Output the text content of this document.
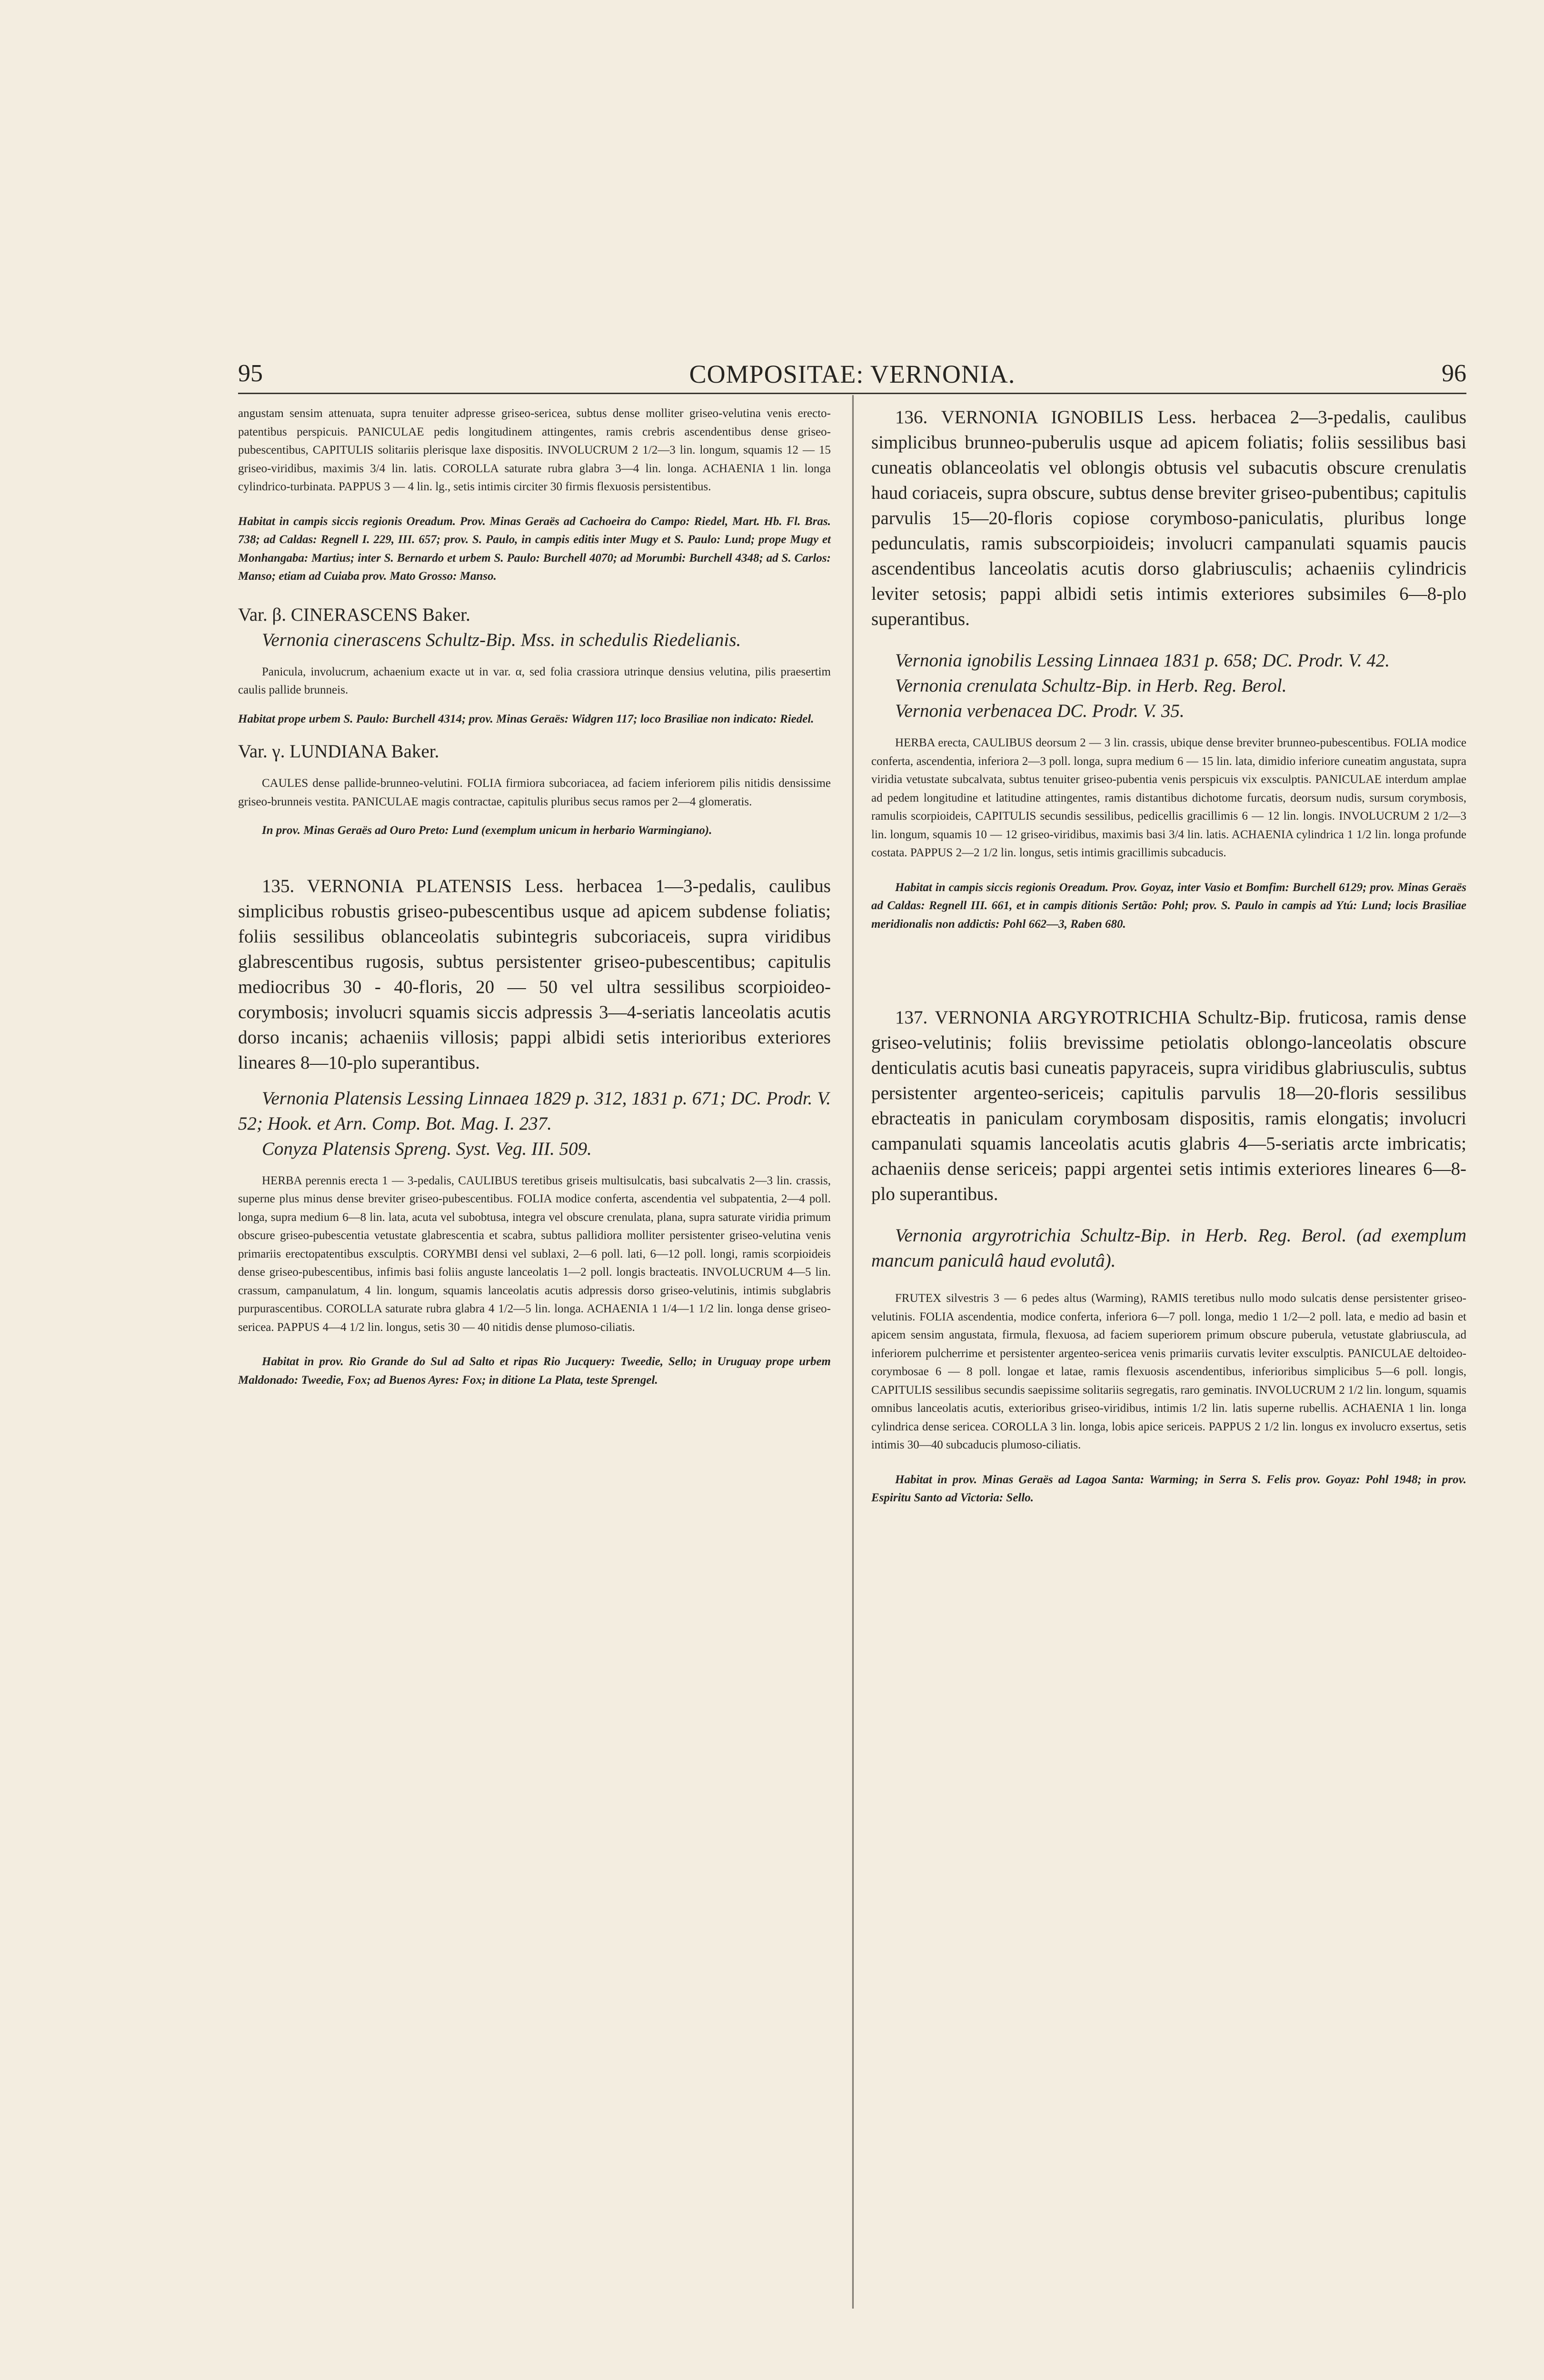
95	COMPOSITAE: VERNONIA.	96

angustam sensim attenuata, supra tenuiter adpresse griseo-sericea, subtus dense molliter griseo-velutina venis erecto-patentibus perspicuis. PANICULAE pedis longitudinem attingentes, ramis crebris ascendentibus dense griseo-pubescentibus, CAPITULIS solitariis plerisque laxe dispositis. INVOLUCRUM 2 1/2—3 lin. longum, squamis 12 — 15 griseo-viridibus, maximis 3/4 lin. latis. COROLLA saturate rubra glabra 3—4 lin. longa. ACHAENIA 1 lin. longa cylindrico-turbinata. PAPPUS 3 — 4 lin. lg., setis intimis circiter 30 firmis flexuosis persistentibus.

Habitat in campis siccis regionis Oreadum. Prov. Minas Geraës ad Cachoeira do Campo: Riedel, Mart. Hb. Fl. Bras. 738; ad Caldas: Regnell I. 229, III. 657; prov. S. Paulo, in campis editis inter Mugy et S. Paulo: Lund; prope Mugy et Monhangaba: Martius; inter S. Bernardo et urbem S. Paulo: Burchell 4070; ad Morumbi: Burchell 4348; ad S. Carlos: Manso; etiam ad Cuiaba prov. Mato Grosso: Manso.

Var. β. CINERASCENS Baker.

Vernonia cinerascens Schultz-Bip. Mss. in schedulis Riedelianis.

Panicula, involucrum, achaenium exacte ut in var. α, sed folia crassiora utrinque densius velutina, pilis praesertim caulis pallide brunneis.

Habitat prope urbem S. Paulo: Burchell 4314; prov. Minas Geraës: Widgren 117; loco Brasiliae non indicato: Riedel.

Var. γ. LUNDIANA Baker.

CAULES dense pallide-brunneo-velutini. FOLIA firmiora subcoriacea, ad faciem inferiorem pilis nitidis densissime griseo-brunneis vestita. PANICULAE magis contractae, capitulis pluribus secus ramos per 2—4 glomeratis.

In prov. Minas Geraës ad Ouro Preto: Lund (exemplum unicum in herbario Warmingiano).

135. VERNONIA PLATENSIS Less. herbacea 1—3-pedalis, caulibus simplicibus robustis griseo-pubescentibus usque ad apicem subdense foliatis; foliis sessilibus oblanceolatis subintegris subcoriaceis, supra viridibus glabrescentibus rugosis, subtus persistenter griseo-pubescentibus; capitulis mediocribus 30 - 40-floris, 20 — 50 vel ultra sessilibus scorpioideo-corymbosis; involucri squamis siccis adpressis 3—4-seriatis lanceolatis acutis dorso incanis; achaeniis villosis; pappi albidi setis interioribus exteriores lineares 8—10-plo superantibus.

Vernonia Platensis Lessing Linnaea 1829 p. 312, 1831 p. 671; DC. Prodr. V. 52; Hook. et Arn. Comp. Bot. Mag. I. 237.

Conyza Platensis Spreng. Syst. Veg. III. 509.

HERBA perennis erecta 1 — 3-pedalis, CAULIBUS teretibus griseis multisulcatis, basi subcalvatis 2—3 lin. crassis, superne plus minus dense breviter griseo-pubescentibus. FOLIA modice conferta, ascendentia vel subpatentia, 2—4 poll. longa, supra medium 6—8 lin. lata, acuta vel subobtusa, integra vel obscure crenulata, plana, supra saturate viridia primum obscure griseo-pubescentia vetustate glabrescentia et scabra, subtus pallidiora molliter persistenter griseo-velutina venis primariis erectopatentibus exsculptis. CORYMBI densi vel sublaxi, 2—6 poll. lati, 6—12 poll. longi, ramis scorpioideis dense griseo-pubescentibus, infimis basi foliis anguste lanceolatis 1—2 poll. longis bracteatis. INVOLUCRUM 4—5 lin. crassum, campanulatum, 4 lin. longum, squamis lanceolatis acutis adpressis dorso griseo-velutinis, intimis subglabris purpurascentibus. COROLLA saturate rubra glabra 4 1/2—5 lin. longa. ACHAENIA 1 1/4—1 1/2 lin. longa dense griseo-sericea. PAPPUS 4—4 1/2 lin. longus, setis 30 — 40 nitidis dense plumoso-ciliatis.

Habitat in prov. Rio Grande do Sul ad Salto et ripas Rio Jucquery: Tweedie, Sello; in Uruguay prope urbem Maldonado: Tweedie, Fox; ad Buenos Ayres: Fox; in ditione La Plata, teste Sprengel.

136. VERNONIA IGNOBILIS Less. herbacea 2—3-pedalis, caulibus simplicibus brunneo-puberulis usque ad apicem foliatis; foliis sessilibus basi cuneatis oblanceolatis vel oblongis obtusis vel subacutis obscure crenulatis haud coriaceis, supra obscure, subtus dense breviter griseo-pubentibus; capitulis parvulis 15—20-floris copiose corymboso-paniculatis, pluribus longe pedunculatis, ramis subscorpioideis; involucri campanulati squamis paucis ascendentibus lanceolatis acutis dorso glabriusculis; achaeniis cylindricis leviter setosis; pappi albidi setis intimis exteriores subsimiles 6—8-plo superantibus.

Vernonia ignobilis Lessing Linnaea 1831 p. 658; DC. Prodr. V. 42.

Vernonia crenulata Schultz-Bip. in Herb. Reg. Berol.

Vernonia verbenacea DC. Prodr. V. 35.

HERBA erecta, CAULIBUS deorsum 2 — 3 lin. crassis, ubique dense breviter brunneo-pubescentibus. FOLIA modice conferta, ascendentia, inferiora 2—3 poll. longa, supra medium 6 — 15 lin. lata, dimidio inferiore cuneatim angustata, supra viridia vetustate subcalvata, subtus tenuiter griseo-pubentia venis perspicuis vix exsculptis. PANICULAE interdum amplae ad pedem longitudine et latitudine attingentes, ramis distantibus dichotome furcatis, deorsum nudis, sursum corymbosis, ramulis scorpioideis, CAPITULIS secundis sessilibus, pedicellis gracillimis 6 — 12 lin. longis. INVOLUCRUM 2 1/2—3 lin. longum, squamis 10 — 12 griseo-viridibus, maximis basi 3/4 lin. latis. ACHAENIA cylindrica 1 1/2 lin. longa profunde costata. PAPPUS 2—2 1/2 lin. longus, setis intimis gracillimis subcaducis.

Habitat in campis siccis regionis Oreadum. Prov. Goyaz, inter Vasio et Bomfim: Burchell 6129; prov. Minas Geraës ad Caldas: Regnell III. 661, et in campis ditionis Sertão: Pohl; prov. S. Paulo in campis ad Ytú: Lund; locis Brasiliae meridionalis non addictis: Pohl 662—3, Raben 680.

137. VERNONIA ARGYROTRICHIA Schultz-Bip. fruticosa, ramis dense griseo-velutinis; foliis brevissime petiolatis oblongo-lanceolatis obscure denticulatis acutis basi cuneatis papyraceis, supra viridibus glabriusculis, subtus persistenter argenteo-sericeis; capitulis parvulis 18—20-floris sessilibus ebracteatis in paniculam corymbosam dispositis, ramis elongatis; involucri campanulati squamis lanceolatis acutis glabris 4—5-seriatis arcte imbricatis; achaeniis dense sericeis; pappi argentei setis intimis exteriores lineares 6—8-plo superantibus.

Vernonia argyrotrichia Schultz-Bip. in Herb. Reg. Berol. (ad exemplum mancum paniculâ haud evolutâ).

FRUTEX silvestris 3 — 6 pedes altus (Warming), RAMIS teretibus nullo modo sulcatis dense persistenter griseo-velutinis. FOLIA ascendentia, modice conferta, inferiora 6—7 poll. longa, medio 1 1/2—2 poll. lata, e medio ad basin et apicem sensim angustata, firmula, flexuosa, ad faciem superiorem primum obscure puberula, vetustate glabriuscula, ad inferiorem pulcherrime et persistenter argenteo-sericea venis primariis curvatis leviter exsculptis. PANICULAE deltoideo-corymbosae 6 — 8 poll. longae et latae, ramis flexuosis ascendentibus, inferioribus simplicibus 5—6 poll. longis, CAPITULIS sessilibus secundis saepissime solitariis segregatis, raro geminatis. INVOLUCRUM 2 1/2 lin. longum, squamis omnibus lanceolatis acutis, exterioribus griseo-viridibus, intimis 1/2 lin. latis superne rubellis. ACHAENIA 1 lin. longa cylindrica dense sericea. COROLLA 3 lin. longa, lobis apice sericeis. PAPPUS 2 1/2 lin. longus ex involucro exsertus, setis intimis 30—40 subcaducis plumoso-ciliatis.

Habitat in prov. Minas Geraës ad Lagoa Santa: Warming; in Serra S. Felis prov. Goyaz: Pohl 1948; in prov. Espiritu Santo ad Victoria: Sello.
